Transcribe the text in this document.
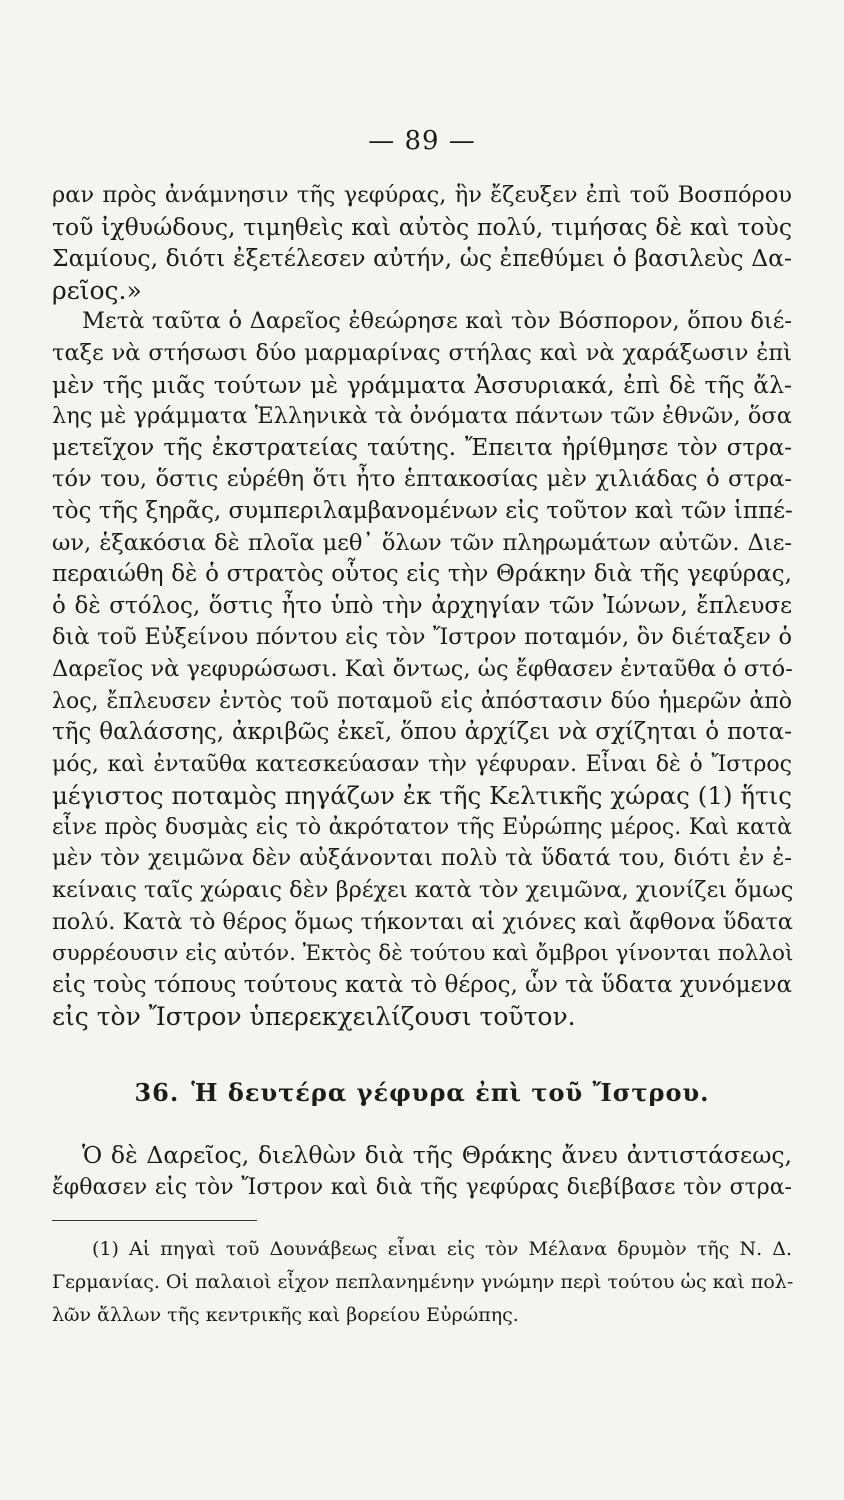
— 89 —
ραν πρὸς ἀνάμνησιν τῆς γεφύρας, ἣν ἔζευξεν ἐπὶ τοῦ Βοσπόρου
τοῦ ἰχθυώδους, τιμηθεὶς καὶ αὐτὸς πολύ, τιμήσας δὲ καὶ τοὺς
Σαμίους, διότι ἐξετέλεσεν αὐτήν, ὡς ἐπεθύμει ὁ βασιλεὺς Δα-
ρεῖος.»
Μετὰ ταῦτα ὁ Δαρεῖος ἐθεώρησε καὶ τὸν Βόσπορον, ὅπου διέ-
ταξε νὰ στήσωσι δύο μαρμαρίνας στήλας καὶ νὰ χαράξωσιν ἐπὶ
μὲν τῆς μιᾶς τούτων μὲ γράμματα Ἀσσυριακά, ἐπὶ δὲ τῆς ἄλ-
λης μὲ γράμματα Ἑλληνικὰ τὰ ὀνόματα πάντων τῶν ἐθνῶν, ὅσα
μετεῖχον τῆς ἐκστρατείας ταύτης. Ἔπειτα ἠρίθμησε τὸν στρα-
τόν του, ὅστις εὑρέθη ὅτι ἦτο ἑπτακοσίας μὲν χιλιάδας ὁ στρα-
τὸς τῆς ξηρᾶς, συμπεριλαμβανομένων εἰς τοῦτον καὶ τῶν ἱππέ-
ων, ἑξακόσια δὲ πλοῖα μεθ᾽ ὅλων τῶν πληρωμάτων αὐτῶν. Διε-
περαιώθη δὲ ὁ στρατὸς οὗτος εἰς τὴν Θράκην διὰ τῆς γεφύρας,
ὁ δὲ στόλος, ὅστις ἦτο ὑπὸ τὴν ἀρχηγίαν τῶν Ἰώνων, ἔπλευσε
διὰ τοῦ Εὐξείνου πόντου εἰς τὸν Ἴστρον ποταμόν, ὃν διέταξεν ὁ
Δαρεῖος νὰ γεφυρώσωσι. Καὶ ὄντως, ὡς ἔφθασεν ἐνταῦθα ὁ στό-
λος, ἔπλευσεν ἐντὸς τοῦ ποταμοῦ εἰς ἀπόστασιν δύο ἡμερῶν ἀπὸ
τῆς θαλάσσης, ἀκριβῶς ἐκεῖ, ὅπου ἀρχίζει νὰ σχίζηται ὁ ποτα-
μός, καὶ ἐνταῦθα κατεσκεύασαν τὴν γέφυραν. Εἶναι δὲ ὁ Ἴστρος
μέγιστος ποταμὸς πηγάζων ἐκ τῆς Κελτικῆς χώρας (1) ἥτις
εἶνε πρὸς δυσμὰς εἰς τὸ ἀκρότατον τῆς Εὐρώπης μέρος. Καὶ κατὰ
μὲν τὸν χειμῶνα δὲν αὐξάνονται πολὺ τὰ ὕδατά του, διότι ἐν ἐ-
κείναις ταῖς χώραις δὲν βρέχει κατὰ τὸν χειμῶνα, χιονίζει ὅμως
πολύ. Κατὰ τὸ θέρος ὅμως τήκονται αἱ χιόνες καὶ ἄφθονα ὕδατα
συρρέουσιν εἰς αὐτόν. Ἐκτὸς δὲ τούτου καὶ ὄμβροι γίνονται πολλοὶ
εἰς τοὺς τόπους τούτους κατὰ τὸ θέρος, ὧν τὰ ὕδατα χυνόμενα
εἰς τὸν Ἴστρον ὑπερεκχειλίζουσι τοῦτον.
36. Ἡ δευτέρα γέφυρα ἐπὶ τοῦ Ἴστρου.
Ὁ δὲ Δαρεῖος, διελθὼν διὰ τῆς Θράκης ἄνευ ἀντιστάσεως,
ἔφθασεν εἰς τὸν Ἴστρον καὶ διὰ τῆς γεφύρας διεβίβασε τὸν στρα-
(1) Αἱ πηγαὶ τοῦ Δουνάβεως εἶναι εἰς τὸν Μέλανα δρυμὸν τῆς Ν. Δ.
Γερμανίας. Οἱ παλαιοὶ εἶχον πεπλανημένην γνώμην περὶ τούτου ὡς καὶ πολ-
λῶν ἄλλων τῆς κεντρικῆς καὶ βορείου Εὐρώπης.
